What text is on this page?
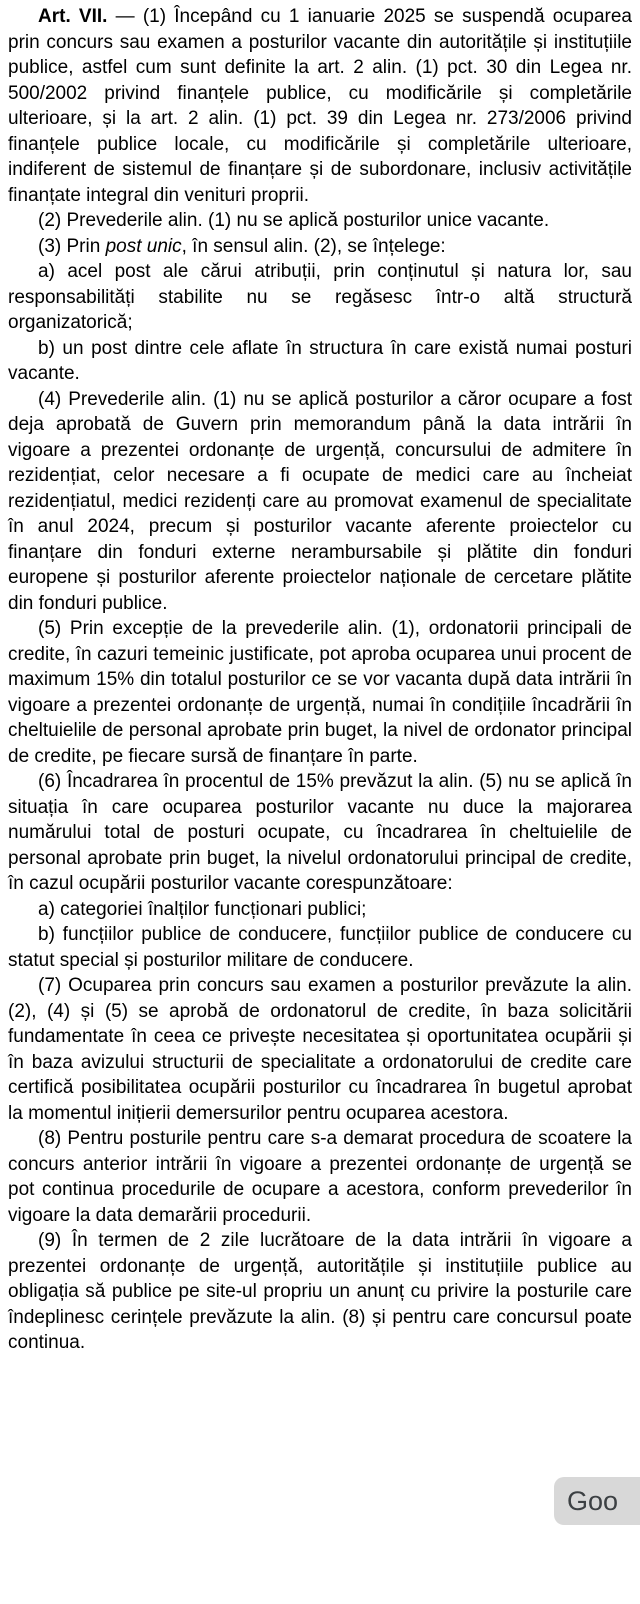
Art. VII. — (1) Începând cu 1 ianuarie 2025 se suspendă ocuparea prin concurs sau examen a posturilor vacante din autoritățile și instituțiile publice, astfel cum sunt definite la art. 2 alin. (1) pct. 30 din Legea nr. 500/2002 privind finanțele publice, cu modificările și completările ulterioare, și la art. 2 alin. (1) pct. 39 din Legea nr. 273/2006 privind finanțele publice locale, cu modificările și completările ulterioare, indiferent de sistemul de finanțare și de subordonare, inclusiv activitățile finanțate integral din venituri proprii.

(2) Prevederile alin. (1) nu se aplică posturilor unice vacante.

(3) Prin post unic, în sensul alin. (2), se înțelege:

a) acel post ale cărui atribuții, prin conținutul și natura lor, sau responsabilități stabilite nu se regăsesc într-o altă structură organizatorică;

b) un post dintre cele aflate în structura în care există numai posturi vacante.

(4) Prevederile alin. (1) nu se aplică posturilor a căror ocupare a fost deja aprobată de Guvern prin memorandum până la data intrării în vigoare a prezentei ordonanțe de urgență, concursului de admitere în rezidențiat, celor necesare a fi ocupate de medici care au încheiat rezidențiatul, medici rezidenți care au promovat examenul de specialitate în anul 2024, precum și posturilor vacante aferente proiectelor cu finanțare din fonduri externe nerambursabile și plătite din fonduri europene și posturilor aferente proiectelor naționale de cercetare plătite din fonduri publice.

(5) Prin excepție de la prevederile alin. (1), ordonatorii principali de credite, în cazuri temeinic justificate, pot aproba ocuparea unui procent de maximum 15% din totalul posturilor ce se vor vacanta după data intrării în vigoare a prezentei ordonanțe de urgență, numai în condițiile încadrării în cheltuielile de personal aprobate prin buget, la nivel de ordonator principal de credite, pe fiecare sursă de finanțare în parte.

(6) Încadrarea în procentul de 15% prevăzut la alin. (5) nu se aplică în situația în care ocuparea posturilor vacante nu duce la majorarea numărului total de posturi ocupate, cu încadrarea în cheltuielile de personal aprobate prin buget, la nivelul ordonatorului principal de credite, în cazul ocupării posturilor vacante corespunzătoare:

a) categoriei înalților funcționari publici;

b) funcțiilor publice de conducere, funcțiilor publice de conducere cu statut special și posturilor militare de conducere.

(7) Ocuparea prin concurs sau examen a posturilor prevăzute la alin. (2), (4) și (5) se aprobă de ordonatorul de credite, în baza solicitării fundamentate în ceea ce privește necesitatea și oportunitatea ocupării și în baza avizului structurii de specialitate a ordonatorului de credite care certifică posibilitatea ocupării posturilor cu încadrarea în bugetul aprobat la momentul inițierii demersurilor pentru ocuparea acestora.

(8) Pentru posturile pentru care s-a demarat procedura de scoatere la concurs anterior intrării în vigoare a prezentei ordonanțe de urgență se pot continua procedurile de ocupare a acestora, conform prevederilor în vigoare la data demarării procedurii.

(9) În termen de 2 zile lucrătoare de la data intrării în vigoare a prezentei ordonanțe de urgență, autoritățile și instituțiile publice au obligația să publice pe site-ul propriu un anunț cu privire la posturile care îndeplinesc cerințele prevăzute la alin. (8) și pentru care concursul poate continua.

Goo
